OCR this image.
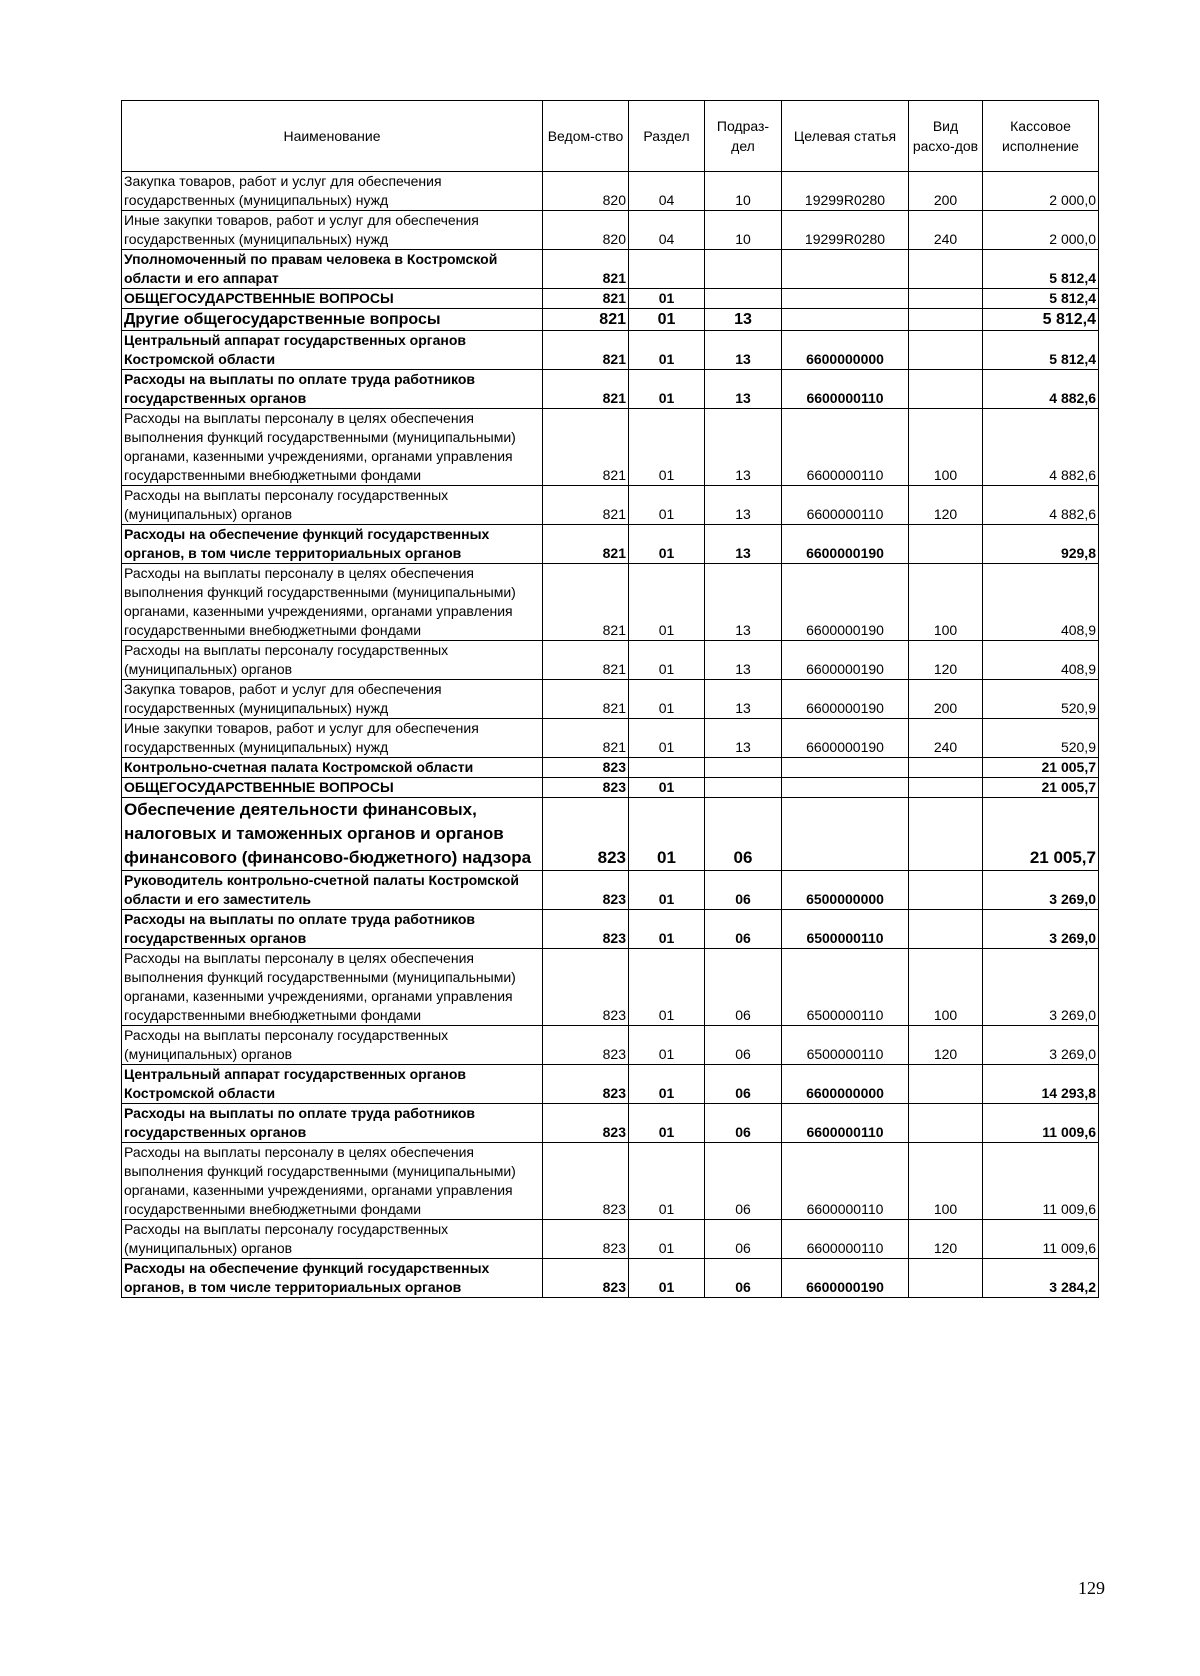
Наименование	Ведом-ство	Раздел	Подраз-дел	Целевая статья	Вид расхо-дов	Кассовое исполнение
Закупка товаров, работ и услуг для обеспечения государственных (муниципальных) нужд	820	04	10	19299R0280	200	2 000,0
Иные закупки товаров, работ и услуг для обеспечения государственных (муниципальных) нужд	820	04	10	19299R0280	240	2 000,0
Уполномоченный по правам человека в Костромской области и его аппарат	821					5 812,4
ОБЩЕГОСУДАРСТВЕННЫЕ ВОПРОСЫ	821	01				5 812,4
Другие общегосударственные вопросы	821	01	13			5 812,4
Центральный аппарат государственных органов Костромской области	821	01	13	6600000000		5 812,4
Расходы на выплаты по оплате труда работников государственных органов	821	01	13	6600000110		4 882,6
Расходы на выплаты персоналу в целях обеспечения выполнения функций государственными (муниципальными) органами, казенными учреждениями, органами управления государственными внебюджетными фондами	821	01	13	6600000110	100	4 882,6
Расходы на выплаты персоналу государственных (муниципальных) органов	821	01	13	6600000110	120	4 882,6
Расходы на обеспечение функций государственных органов, в том числе территориальных органов	821	01	13	6600000190		929,8
Расходы на выплаты персоналу в целях обеспечения выполнения функций государственными (муниципальными) органами, казенными учреждениями, органами управления государственными внебюджетными фондами	821	01	13	6600000190	100	408,9
Расходы на выплаты персоналу государственных (муниципальных) органов	821	01	13	6600000190	120	408,9
Закупка товаров, работ и услуг для обеспечения государственных (муниципальных) нужд	821	01	13	6600000190	200	520,9
Иные закупки товаров, работ и услуг для обеспечения государственных (муниципальных) нужд	821	01	13	6600000190	240	520,9
Контрольно-счетная палата Костромской области	823					21 005,7
ОБЩЕГОСУДАРСТВЕННЫЕ ВОПРОСЫ	823	01				21 005,7
Обеспечение деятельности финансовых, налоговых и таможенных органов и органов финансового (финансово-бюджетного) надзора	823	01	06			21 005,7
Руководитель контрольно-счетной палаты Костромской области и его заместитель	823	01	06	6500000000		3 269,0
Расходы на выплаты по оплате труда работников государственных органов	823	01	06	6500000110		3 269,0
Расходы на выплаты персоналу в целях обеспечения выполнения функций государственными (муниципальными) органами, казенными учреждениями, органами управления государственными внебюджетными фондами	823	01	06	6500000110	100	3 269,0
Расходы на выплаты персоналу государственных (муниципальных) органов	823	01	06	6500000110	120	3 269,0
Центральный аппарат государственных органов Костромской области	823	01	06	6600000000		14 293,8
Расходы на выплаты по оплате труда работников государственных органов	823	01	06	6600000110		11 009,6
Расходы на выплаты персоналу в целях обеспечения выполнения функций государственными (муниципальными) органами, казенными учреждениями, органами управления государственными внебюджетными фондами	823	01	06	6600000110	100	11 009,6
Расходы на выплаты персоналу государственных (муниципальных) органов	823	01	06	6600000110	120	11 009,6
Расходы на обеспечение функций государственных органов, в том числе территориальных органов	823	01	06	6600000190		3 284,2
129
